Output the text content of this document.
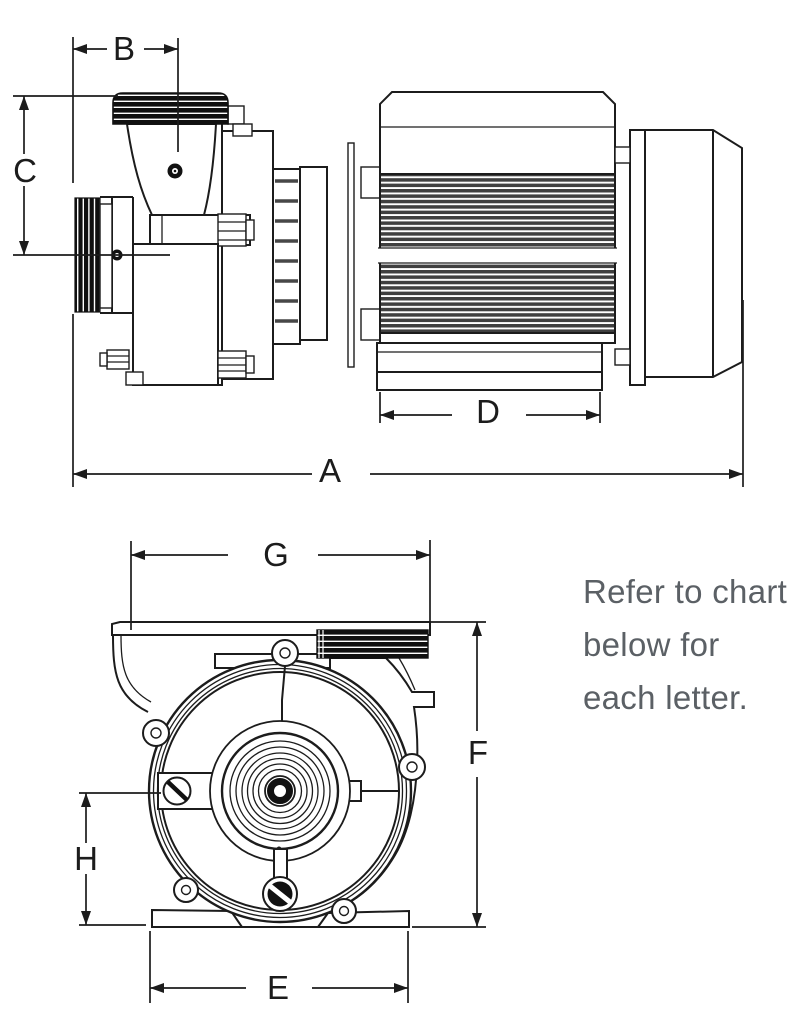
B
C
D
A
G
F
H
E
Refer to chart
below for
each letter.
